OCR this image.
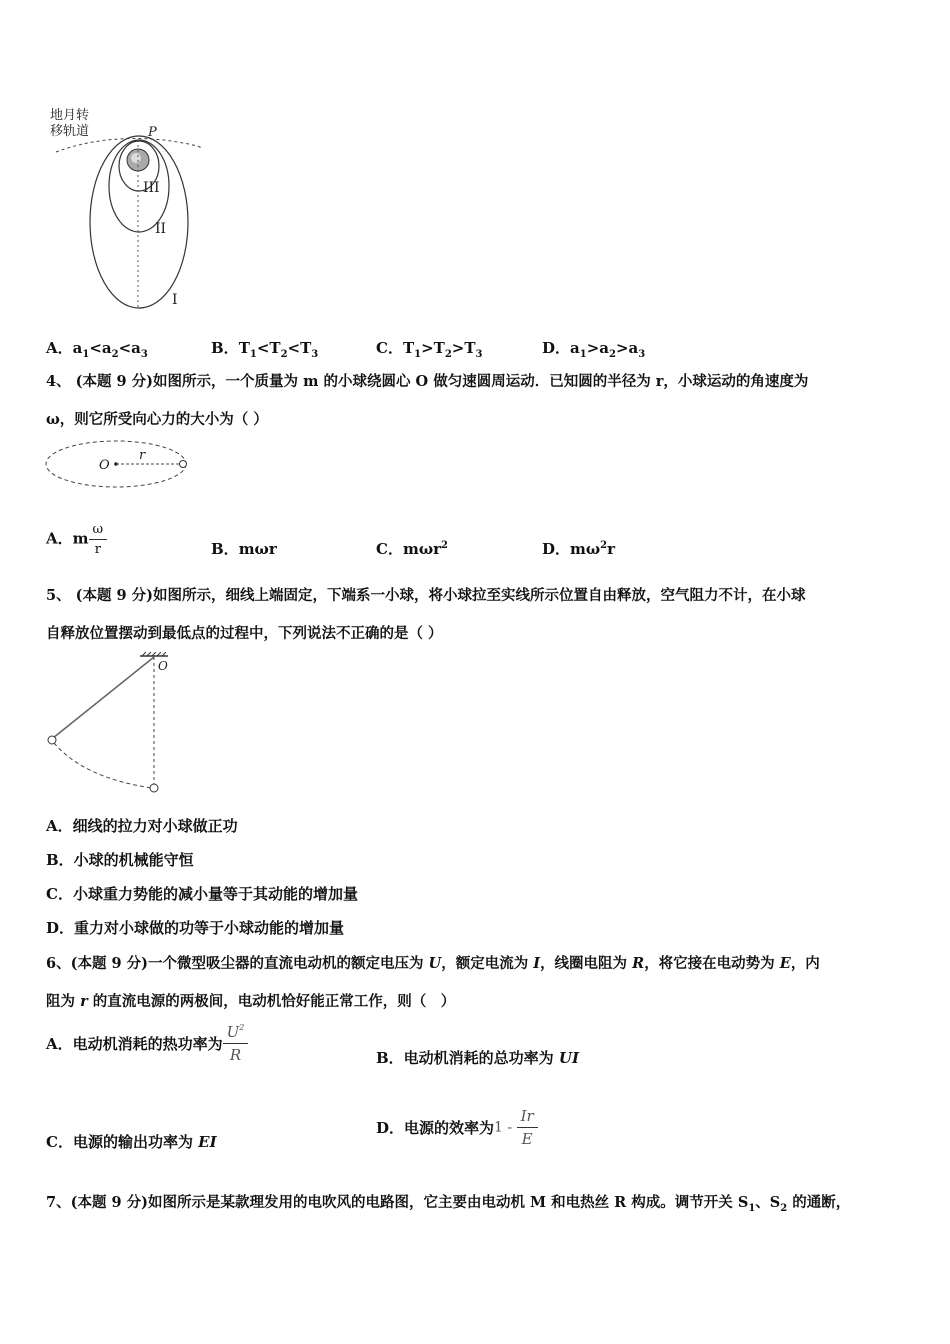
地月转
移轨道	P
III
II
I
A．$a_1<a_2<a_3$	B．$T_1<T_2<T_3$	C．$T_1>T_2>T_3$	D．$a_1>a_2>a_3$
4、 (本题 9 分)如图所示，一个质量为 m 的小球绕圆心 O 做匀速圆周运动．已知圆的半径为 r，小球运动的角速度为
ω，则它所受向心力的大小为（ ）
O
r
A．m $\frac{\omega}{r}$	B．mωr	C．mωr$^2$	D．$m\omega^2r$
5、 (本题 9 分)如图所示，细线上端固定，下端系一小球，将小球拉至实线所示位置自由释放，空气阻力不计，在小球
自释放位置摆动到最低点的过程中，下列说法不正确的是（ ）
O
A．细线的拉力对小球做正功
B．小球的机械能守恒
C．小球重力势能的减小量等于其动能的增加量
D．重力对小球做的功等于小球动能的增加量
6、(本题 9 分)一个微型吸尘器的直流电动机的额定电压为 U，额定电流为 I，线圈电阻为 R，将它接在电动势为 E，内
阻为 r 的直流电源的两极间，电动机恰好能正常工作，则（　）
A．电动机消耗的热功率为 $\frac{U^2}{R}$	B．电动机消耗的总功率为 UI
C．电源的输出功率为 EI
D．电源的效率为$1 - \frac{Ir}{E}$
7、(本题 9 分)如图所示是某款理发用的电吹风的电路图，它主要由电动机 M 和电热丝 R 构成。调节开关 $S_1$、$S_2$ 的通断，
